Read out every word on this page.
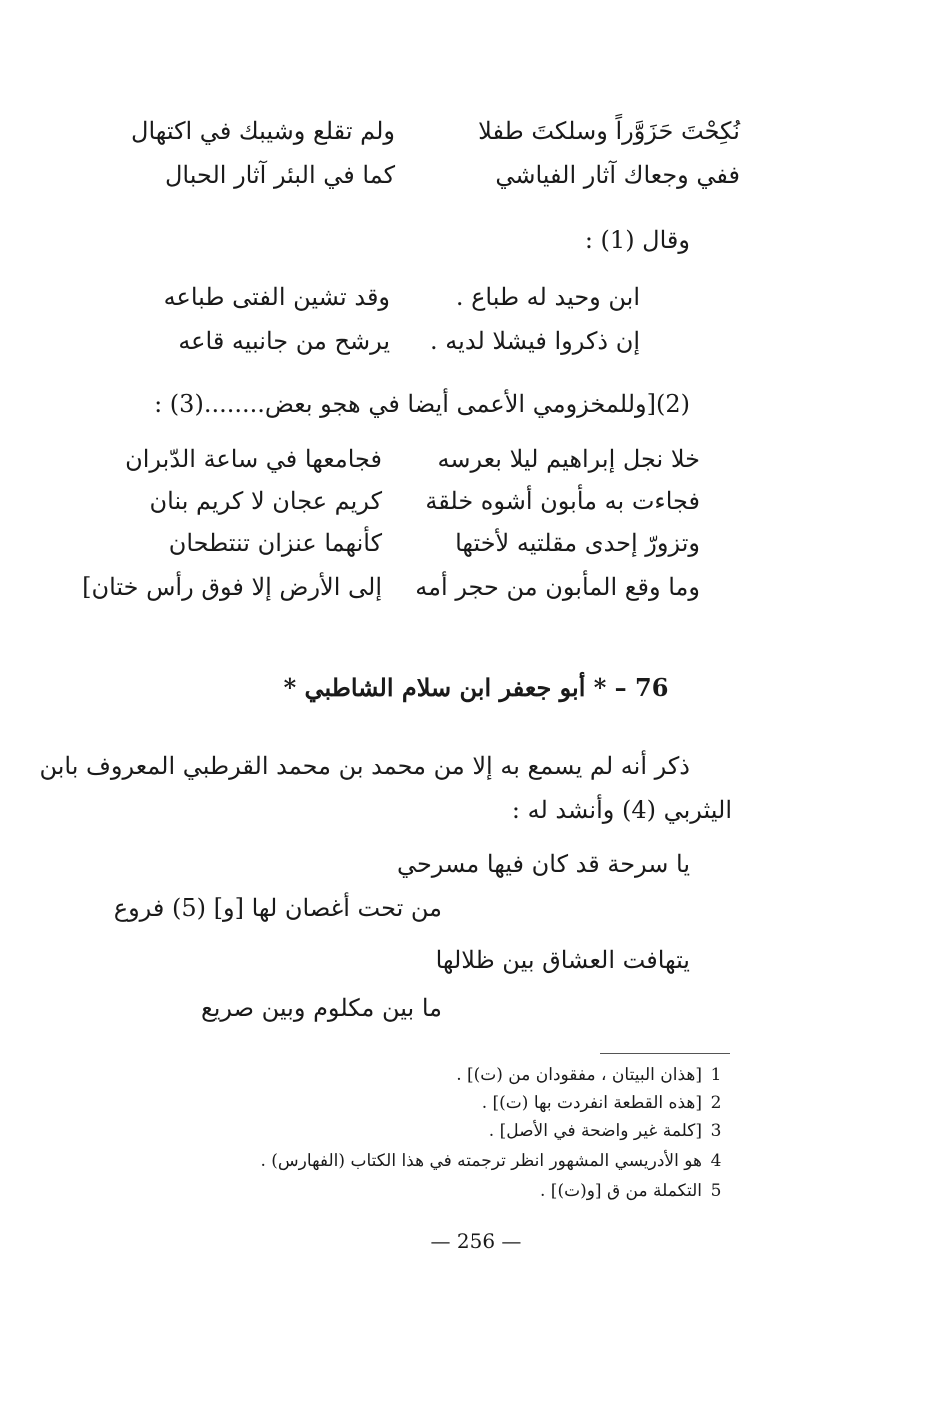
نُكِحْتَ حَزَوَّراً وسلكتَ طفلا
ولم تقلع وشيبك في اكتهال
ففي وجعاك آثار الفياشي
كما في البئر آثار الحبال
وقال (1) :
ابن وحيد له طباع .
وقد تشين الفتى طباعه
إن ذكروا فيشلا لديه .
يرشح من جانبيه قاعه
(2)[وللمخزومي الأعمى أيضا في هجو بعض........(3) :
خلا نجل إبراهيم ليلا بعرسه
فجامعها في ساعة الدّبران
فجاءت به مأبون أشوه خلقة
كريم عجان لا كريم بنان
وتزورّ إحدى مقلتيه لأختها
كأنهما عنزان تنتطحان
وما وقع المأبون من حجر أمه
إلى الأرض إلا فوق رأس ختان]
76 – * أبو جعفر ابن سلام الشاطبي *
ذكر أنه لم يسمع به إلا من محمد بن محمد القرطبي المعروف بابن
اليثربي (4) وأنشد له :
يا سرحة قد كان فيها مسرحي
من تحت أغصان لها [و] (5) فروع
يتهافت العشاق بين ظلالها
ما بين مكلوم وبين صريع
1[هذان البيتان ، مفقودان من (ت)] .
2[هذه القطعة انفردت بها (ت)] .
3[كلمة غير واضحة في الأصل] .
4هو الأدريسي المشهور انظر ترجمته في هذا الكتاب (الفهارس) .
5التكملة من ق [و(ت)] .
— 256 —
